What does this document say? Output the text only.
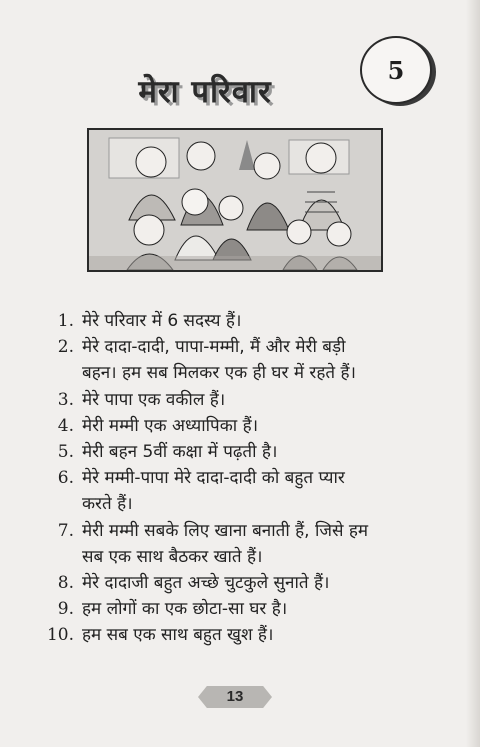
5
मेरा परिवार
1. मेरे परिवार में 6 सदस्य हैं।
2. मेरे दादा-दादी, पापा-मम्मी, मैं और मेरी बड़ी
बहन। हम सब मिलकर एक ही घर में रहते हैं।
3. मेरे पापा एक वकील हैं।
4. मेरी मम्मी एक अध्यापिका हैं।
5. मेरी बहन 5वीं कक्षा में पढ़ती है।
6. मेरे मम्मी-पापा मेरे दादा-दादी को बहुत प्यार
करते हैं।
7. मेरी मम्मी सबके लिए खाना बनाती हैं, जिसे हम
सब एक साथ बैठकर खाते हैं।
8. मेरे दादाजी बहुत अच्छे चुटकुले सुनाते हैं।
9. हम लोगों का एक छोटा-सा घर है।
10. हम सब एक साथ बहुत खुश हैं।
13
